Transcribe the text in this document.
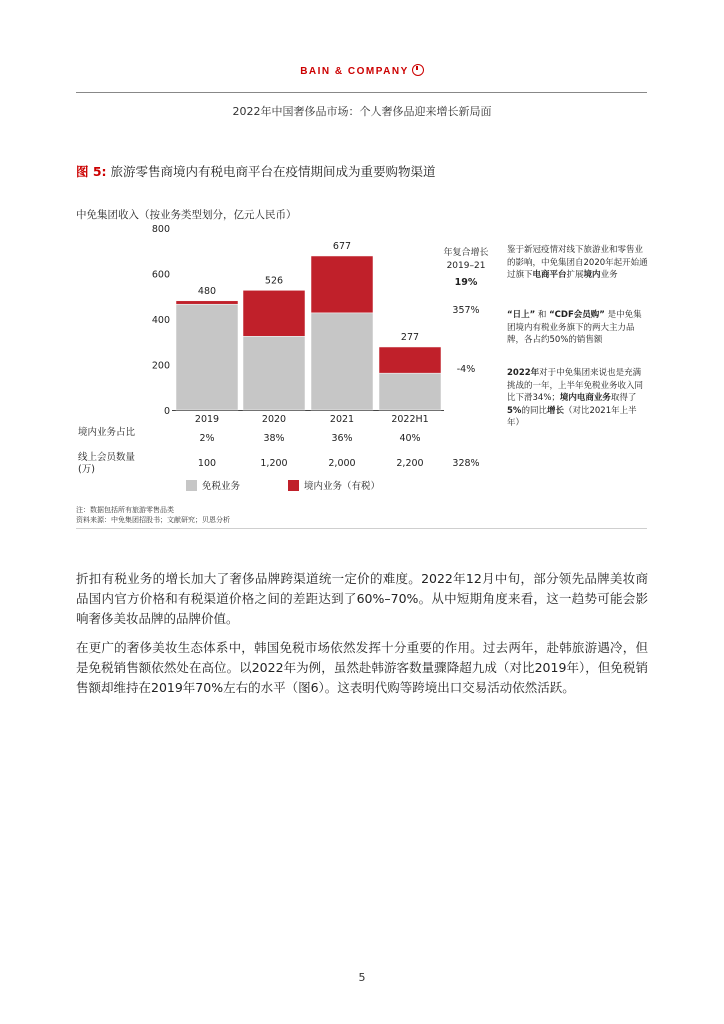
BAIN & COMPANY
2022年中国奢侈品市场：个人奢侈品迎来增长新局面
图 5: 旅游零售商境内有税电商平台在疫情期间成为重要购物渠道
中免集团收入（按业务类型划分，亿元人民币）
0
200
400
600
800
480
2019
526
2020
677
2021
277
2022H1
年复合增长
2019–21
19%
357%
-4%
境内业务占比
2%	38%	36%	40%
线上会员数量
(万)
100	1,200	2,000	2,200	328%
免税业务	境内业务（有税）
鉴于新冠疫情对线下旅游业和零售业的影响，中免集团自2020年起开始通过旗下电商平台扩展境内业务
“日上” 和 “CDF会员购” 是中免集团境内有税业务旗下的两大主力品牌，各占约50%的销售额
2022年对于中免集团来说也是充满挑战的一年，上半年免税业务收入同比下滑34%；境内电商业务取得了5%的同比增长（对比2021年上半年）
注：数据包括所有旅游零售品类
资料来源：中免集团招股书；文献研究；贝恩分析
折扣有税业务的增长加大了奢侈品牌跨渠道统一定价的难度。2022年12月中旬，部分领先品牌美妆商品国内官方价格和有税渠道价格之间的差距达到了60%–70%。从中短期角度来看，这一趋势可能会影响奢侈美妆品牌的品牌价值。
在更广的奢侈美妆生态体系中，韩国免税市场依然发挥十分重要的作用。过去两年，赴韩旅游遇冷，但是免税销售额依然处在高位。以2022年为例，虽然赴韩游客数量骤降超九成（对比2019年），但免税销售额却维持在2019年70%左右的水平（图6）。这表明代购等跨境出口交易活动依然活跃。
5
